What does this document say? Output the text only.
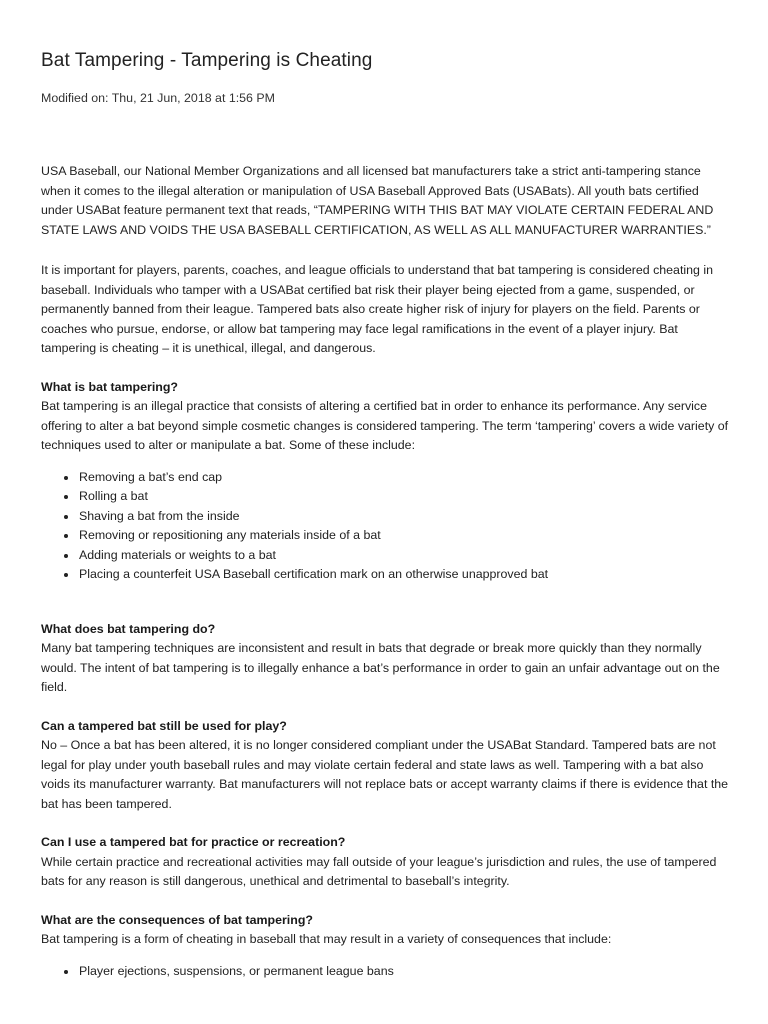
Bat Tampering - Tampering is Cheating
Modified on: Thu, 21 Jun, 2018 at 1:56 PM

USA Baseball, our National Member Organizations and all licensed bat manufacturers take a strict anti-tampering stance when it comes to the illegal alteration or manipulation of USA Baseball Approved Bats (USABats). All youth bats certified under USABat feature permanent text that reads, “TAMPERING WITH THIS BAT MAY VIOLATE CERTAIN FEDERAL AND STATE LAWS AND VOIDS THE USA BASEBALL CERTIFICATION, AS WELL AS ALL MANUFACTURER WARRANTIES.”

It is important for players, parents, coaches, and league officials to understand that bat tampering is considered cheating in baseball. Individuals who tamper with a USABat certified bat risk their player being ejected from a game, suspended, or permanently banned from their league. Tampered bats also create higher risk of injury for players on the field. Parents or coaches who pursue, endorse, or allow bat tampering may face legal ramifications in the event of a player injury. Bat tampering is cheating – it is unethical, illegal, and dangerous.

What is bat tampering?

Bat tampering is an illegal practice that consists of altering a certified bat in order to enhance its performance. Any service offering to alter a bat beyond simple cosmetic changes is considered tampering. The term ‘tampering’ covers a wide variety of techniques used to alter or manipulate a bat. Some of these include:

Removing a bat’s end cap
Rolling a bat
Shaving a bat from the inside
Removing or repositioning any materials inside of a bat
Adding materials or weights to a bat
Placing a counterfeit USA Baseball certification mark on an otherwise unapproved bat

What does bat tampering do?

Many bat tampering techniques are inconsistent and result in bats that degrade or break more quickly than they normally would. The intent of bat tampering is to illegally enhance a bat’s performance in order to gain an unfair advantage out on the field.

Can a tampered bat still be used for play?

No – Once a bat has been altered, it is no longer considered compliant under the USABat Standard. Tampered bats are not legal for play under youth baseball rules and may violate certain federal and state laws as well. Tampering with a bat also voids its manufacturer warranty. Bat manufacturers will not replace bats or accept warranty claims if there is evidence that the bat has been tampered.

Can I use a tampered bat for practice or recreation?

While certain practice and recreational activities may fall outside of your league’s jurisdiction and rules, the use of tampered bats for any reason is still dangerous, unethical and detrimental to baseball’s integrity.

What are the consequences of bat tampering?

Bat tampering is a form of cheating in baseball that may result in a variety of consequences that include:

Player ejections, suspensions, or permanent league bans
